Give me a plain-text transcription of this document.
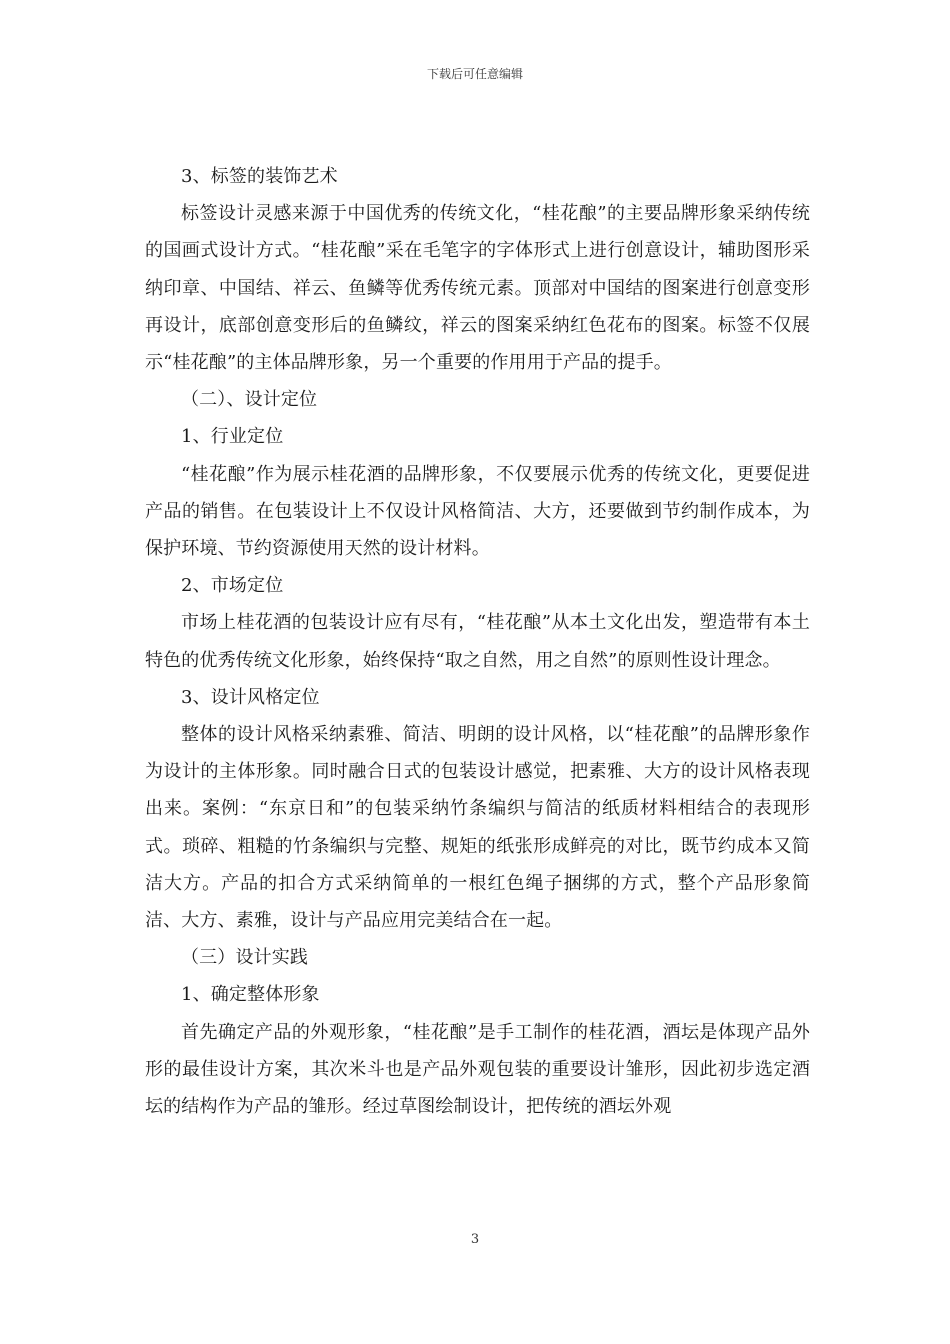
下载后可任意编辑

3、标签的装饰艺术

标签设计灵感来源于中国优秀的传统文化，“桂花酿”的主要品牌形象采纳传统的国画式设计方式。“桂花酿”采在毛笔字的字体形式上进行创意设计，辅助图形采纳印章、中国结、祥云、鱼鳞等优秀传统元素。顶部对中国结的图案进行创意变形再设计，底部创意变形后的鱼鳞纹，祥云的图案采纳红色花布的图案。标签不仅展示“桂花酿”的主体品牌形象，另一个重要的作用用于产品的提手。

（二）、设计定位

1、行业定位

“桂花酿”作为展示桂花酒的品牌形象，不仅要展示优秀的传统文化，更要促进产品的销售。在包装设计上不仅设计风格简洁、大方，还要做到节约制作成本，为保护环境、节约资源使用天然的设计材料。

2、市场定位

市场上桂花酒的包装设计应有尽有，“桂花酿”从本土文化出发，塑造带有本土特色的优秀传统文化形象，始终保持“取之自然，用之自然”的原则性设计理念。

3、设计风格定位

整体的设计风格采纳素雅、简洁、明朗的设计风格，以“桂花酿”的品牌形象作为设计的主体形象。同时融合日式的包装设计感觉，把素雅、大方的设计风格表现出来。案例：“东京日和”的包装采纳竹条编织与简洁的纸质材料相结合的表现形式。琐碎、粗糙的竹条编织与完整、规矩的纸张形成鲜亮的对比，既节约成本又简洁大方。产品的扣合方式采纳简单的一根红色绳子捆绑的方式，整个产品形象简洁、大方、素雅，设计与产品应用完美结合在一起。

（三）设计实践

1、确定整体形象

首先确定产品的外观形象，“桂花酿”是手工制作的桂花酒，酒坛是体现产品外形的最佳设计方案，其次米斗也是产品外观包装的重要设计雏形，因此初步选定酒坛的结构作为产品的雏形。经过草图绘制设计，把传统的酒坛外观

3
